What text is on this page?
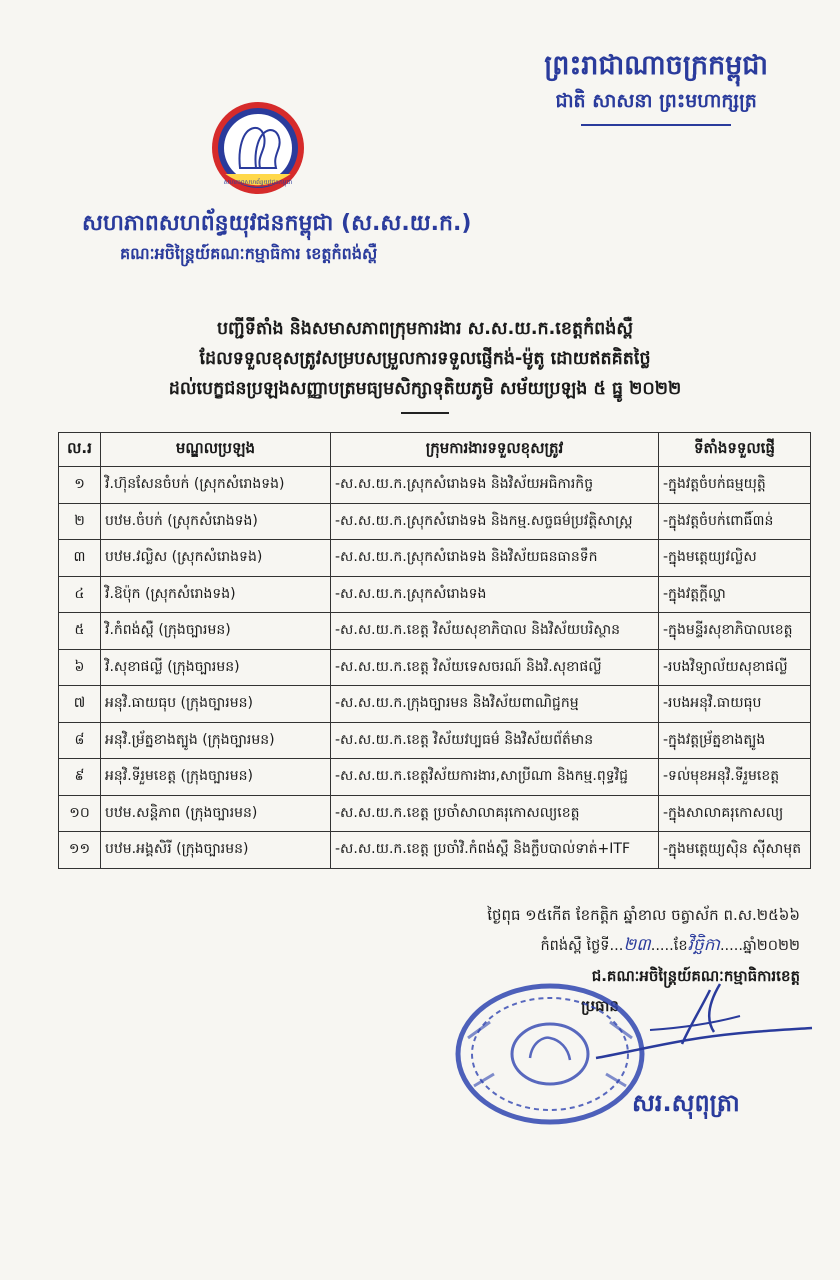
ព្រះរាជាណាចក្រកម្ពុជា
ជាតិ សាសនា ព្រះមហាក្សត្រ
សហភាពសហព័ន្ធយុវជនកម្ពុជា
សហភាពសហព័ន្ធយុវជនកម្ពុជា (ស.ស.យ.ក.)
គណៈអចិន្ត្រៃយ៍គណៈកម្មាធិការ ខេត្តកំពង់ស្ពឺ
បញ្ជីទីតាំង និងសមាសភាពក្រុមការងារ ស.ស.យ.ក.ខេត្តកំពង់ស្ពឺ
ដែលទទួលខុសត្រូវសម្របសម្រួលការទទួលផ្ញើកង់-ម៉ូតូ ដោយឥតគិតថ្លៃ
ដល់បេក្ខជនប្រឡងសញ្ញាបត្រមធ្យមសិក្សាទុតិយភូមិ សម័យប្រឡង ៥ ធ្នូ ២០២២
ល.រ	មណ្ឌលប្រឡង	ក្រុមការងារទទួលខុសត្រូវ	ទីតាំងទទួលផ្ញើ
១	វិ.ហ៊ុនសែនចំបក់ (ស្រុកសំរោងទង)	-ស.ស.យ.ក.ស្រុកសំរោងទង និងវិស័យអធិការកិច្ច	-ក្នុងវត្តចំបក់ធម្មយុត្តិ
២	បឋម.ចំបក់ (ស្រុកសំរោងទង)	-ស.ស.យ.ក.ស្រុកសំរោងទង និងកម្ម.សច្ចធម៌ប្រវត្តិសាស្ត្រ	-ក្នុងវត្តចំបក់ពោធិ៍៣ន់
៣	បឋម.វល្លិស (ស្រុកសំរោងទង)	-ស.ស.យ.ក.ស្រុកសំរោងទង និងវិស័យធនធានទឹក	-ក្នុងមត្តេយ្យវល្លិស
៤	វិ.ឱប៉ុក (ស្រុកសំរោងទង)	-ស.ស.យ.ក.ស្រុកសំរោងទង	-ក្នុងវត្តក្តីល្ហា
៥	វិ.កំពង់ស្ពឺ (ក្រុងច្បារមន)	-ស.ស.យ.ក.ខេត្ត វិស័យសុខាភិបាល និងវិស័យបរិស្ថាន	-ក្នុងមន្ទីរសុខាភិបាលខេត្ត
៦	វិ.សុខាផល្លី (ក្រុងច្បារមន)	-ស.ស.យ.ក.ខេត្ត វិស័យទេសចរណ៍ និងវិ.សុខាផល្លី	-របងវិទ្យាល័យសុខាផល្លី
៧	អនុវិ.ធាយធុប (ក្រុងច្បារមន)	-ស.ស.យ.ក.ក្រុងច្បារមន និងវិស័យពាណិជ្ជកម្ម	-របងអនុវិ.ធាយធុប
៨	អនុវិ.ម្រ័ត្នខាងត្បូង (ក្រុងច្បារមន)	-ស.ស.យ.ក.ខេត្ត វិស័យវប្បធម៌ និងវិស័យព័ត៌មាន	-ក្នុងវត្តម្រ័ត្នខាងត្បូង
៩	អនុវិ.ទីរួមខេត្ត (ក្រុងច្បារមន)	-ស.ស.យ.ក.ខេត្តវិស័យការងារ,សាប្រីណា និងកម្ម.ពុទ្ធវិជ្ជ	-ទល់មុខអនុវិ.ទីរួមខេត្ត
១០	បឋម.សន្តិភាព (ក្រុងច្បារមន)	-ស.ស.យ.ក.ខេត្ត ប្រចាំសាលាគរុកោសល្យខេត្ត	-ក្នុងសាលាគរុកោសល្យ
១១	បឋម.អង្គសិរី (ក្រុងច្បារមន)	-ស.ស.យ.ក.ខេត្ត ប្រចាំវិ.កំពង់ស្ពឺ និងក្លឹបបាល់ទាត់+ITF	-ក្នុងមត្តេយ្យស៊ិន ស៊ីសាមុត
ថ្ងៃពុធ ១៥កើត ខែកត្តិក ឆ្នាំខាល ចត្វាស័ក ព.ស.២៥៦៦
កំពង់ស្ពឺ ថ្ងៃទី...២៣.....ខែវិច្ឆិកា.....ឆ្នាំ២០២២
ជ.គណៈអចិន្ត្រៃយ៍គណៈកម្មាធិការខេត្ត
ប្រធាន
សរ.សុពុត្រា
